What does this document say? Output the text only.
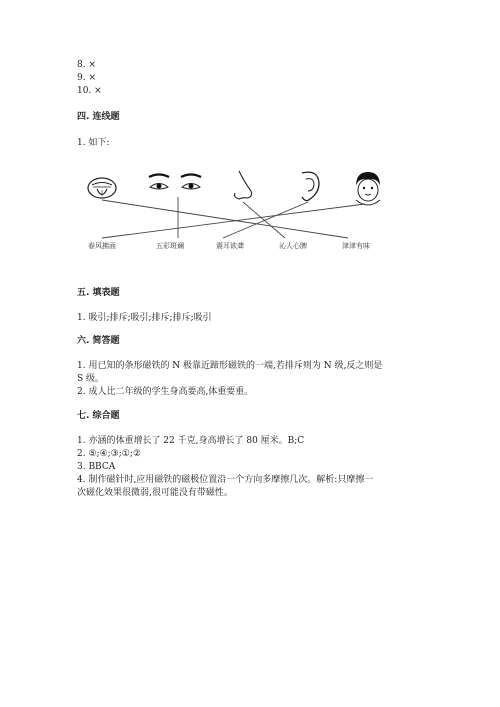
8. ×
9. ×
10. ×
四. 连线题
1. 如下:
春风拂面	五彩斑斓	震耳欲聋	沁人心脾	津津有味
五. 填表题
1. 吸引;排斥;吸引;排斥;排斥;吸引
六. 简答题
1. 用已知的条形磁铁的 N 极靠近蹄形磁铁的一端,若排斥则为 N 级,反之则是
S 级。
2. 成人比二年级的学生身高要高,体重要重。
七. 综合题
1. 亦涵的体重增长了 22 千克,身高增长了 80 厘米。B;C
2. ⑤;④;③;①;②
3. BBCA
4. 制作磁针时,应用磁铁的磁极位置沿一个方向多摩擦几次。解析:只摩擦一
次磁化效果很微弱,很可能没有带磁性。
